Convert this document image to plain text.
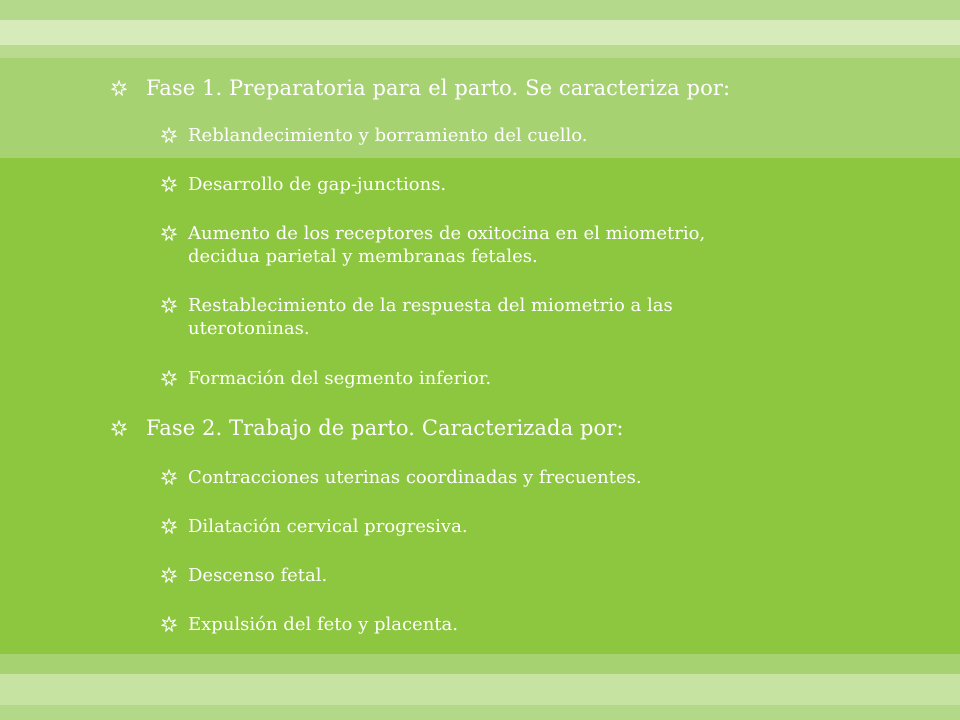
Fase 1. Preparatoria para el parto. Se caracteriza por:
Reblandecimiento y borramiento del cuello.
Desarrollo de gap-junctions.
Aumento de los receptores de oxitocina en el miometrio,
decidua parietal y membranas fetales.
Restablecimiento de la respuesta del miometrio a las
uterotoninas.
Formación del segmento inferior.
Fase 2. Trabajo de parto. Caracterizada por:
Contracciones uterinas coordinadas y frecuentes.
Dilatación cervical progresiva.
Descenso fetal.
Expulsión del feto y placenta.
